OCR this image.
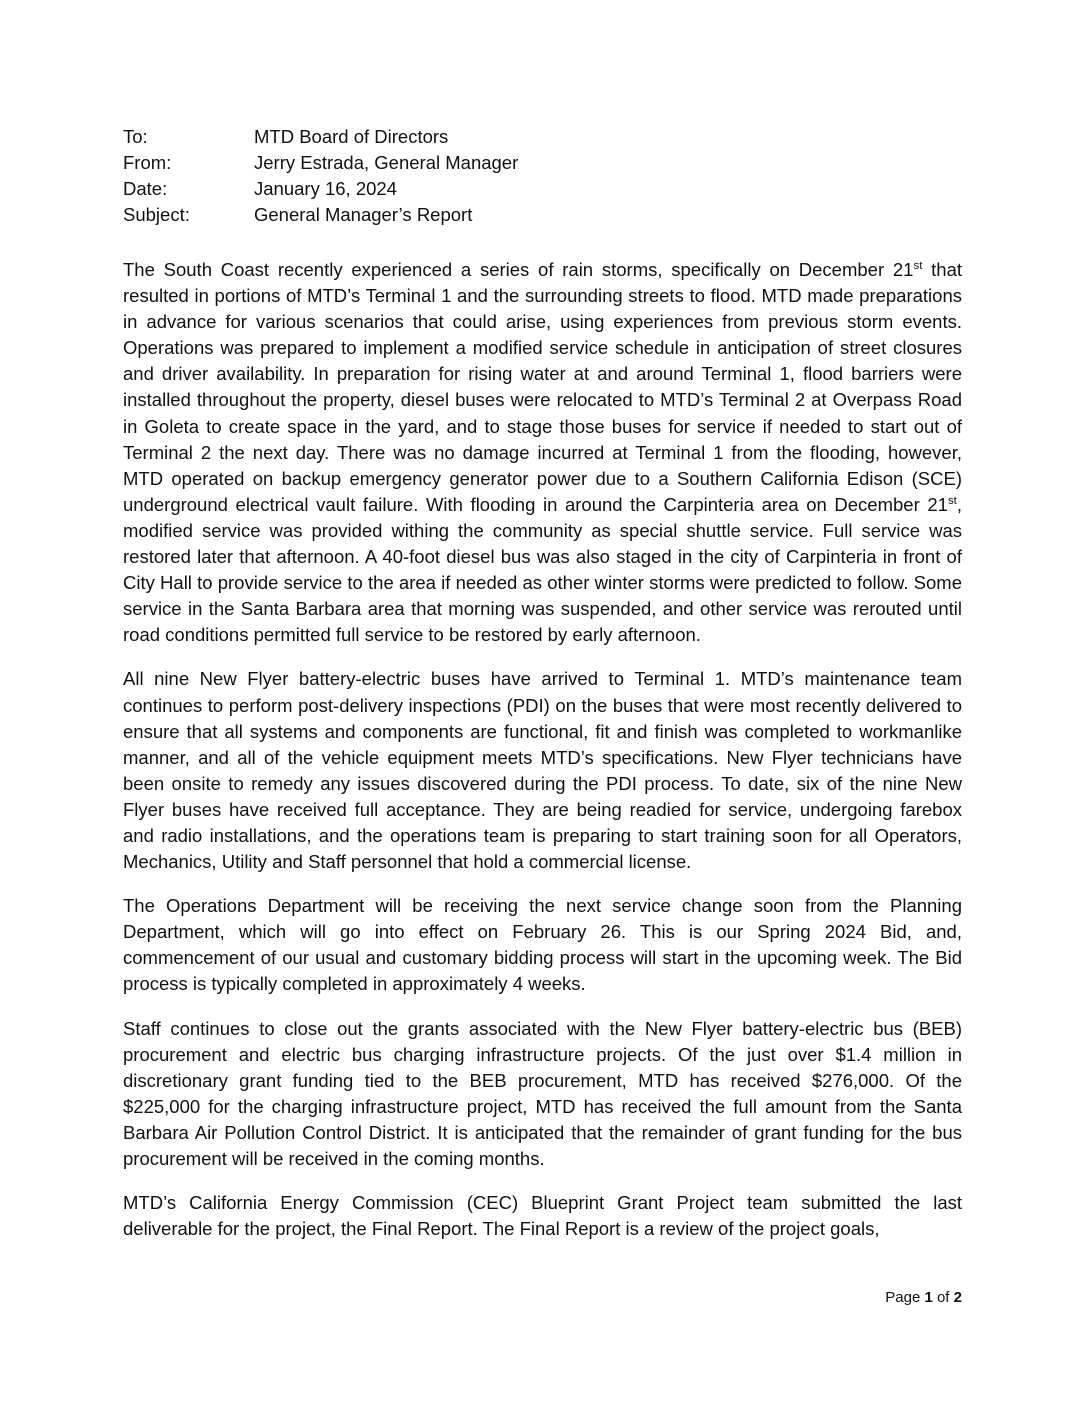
To:	MTD Board of Directors
From:	Jerry Estrada, General Manager
Date:	January 16, 2024
Subject:	General Manager’s Report

The South Coast recently experienced a series of rain storms, specifically on December 21st that resulted in portions of MTD’s Terminal 1 and the surrounding streets to flood. MTD made preparations in advance for various scenarios that could arise, using experiences from previous storm events. Operations was prepared to implement a modified service schedule in anticipation of street closures and driver availability. In preparation for rising water at and around Terminal 1, flood barriers were installed throughout the property, diesel buses were relocated to MTD’s Terminal 2 at Overpass Road in Goleta to create space in the yard, and to stage those buses for service if needed to start out of Terminal 2 the next day. There was no damage incurred at Terminal 1 from the flooding, however, MTD operated on backup emergency generator power due to a Southern California Edison (SCE) underground electrical vault failure. With flooding in around the Carpinteria area on December 21st, modified service was provided withing the community as special shuttle service. Full service was restored later that afternoon. A 40-foot diesel bus was also staged in the city of Carpinteria in front of City Hall to provide service to the area if needed as other winter storms were predicted to follow. Some service in the Santa Barbara area that morning was suspended, and other service was rerouted until road conditions permitted full service to be restored by early afternoon.

All nine New Flyer battery-electric buses have arrived to Terminal 1. MTD’s maintenance team continues to perform post-delivery inspections (PDI) on the buses that were most recently delivered to ensure that all systems and components are functional, fit and finish was completed to workmanlike manner, and all of the vehicle equipment meets MTD’s specifications. New Flyer technicians have been onsite to remedy any issues discovered during the PDI process. To date, six of the nine New Flyer buses have received full acceptance. They are being readied for service, undergoing farebox and radio installations, and the operations team is preparing to start training soon for all Operators, Mechanics, Utility and Staff personnel that hold a commercial license.

The Operations Department will be receiving the next service change soon from the Planning Department, which will go into effect on February 26. This is our Spring 2024 Bid, and, commencement of our usual and customary bidding process will start in the upcoming week. The Bid process is typically completed in approximately 4 weeks.

Staff continues to close out the grants associated with the New Flyer battery-electric bus (BEB) procurement and electric bus charging infrastructure projects. Of the just over $1.4 million in discretionary grant funding tied to the BEB procurement, MTD has received $276,000. Of the $225,000 for the charging infrastructure project, MTD has received the full amount from the Santa Barbara Air Pollution Control District. It is anticipated that the remainder of grant funding for the bus procurement will be received in the coming months.

MTD’s California Energy Commission (CEC) Blueprint Grant Project team submitted the last deliverable for the project, the Final Report. The Final Report is a review of the project goals,

Page 1 of 2
